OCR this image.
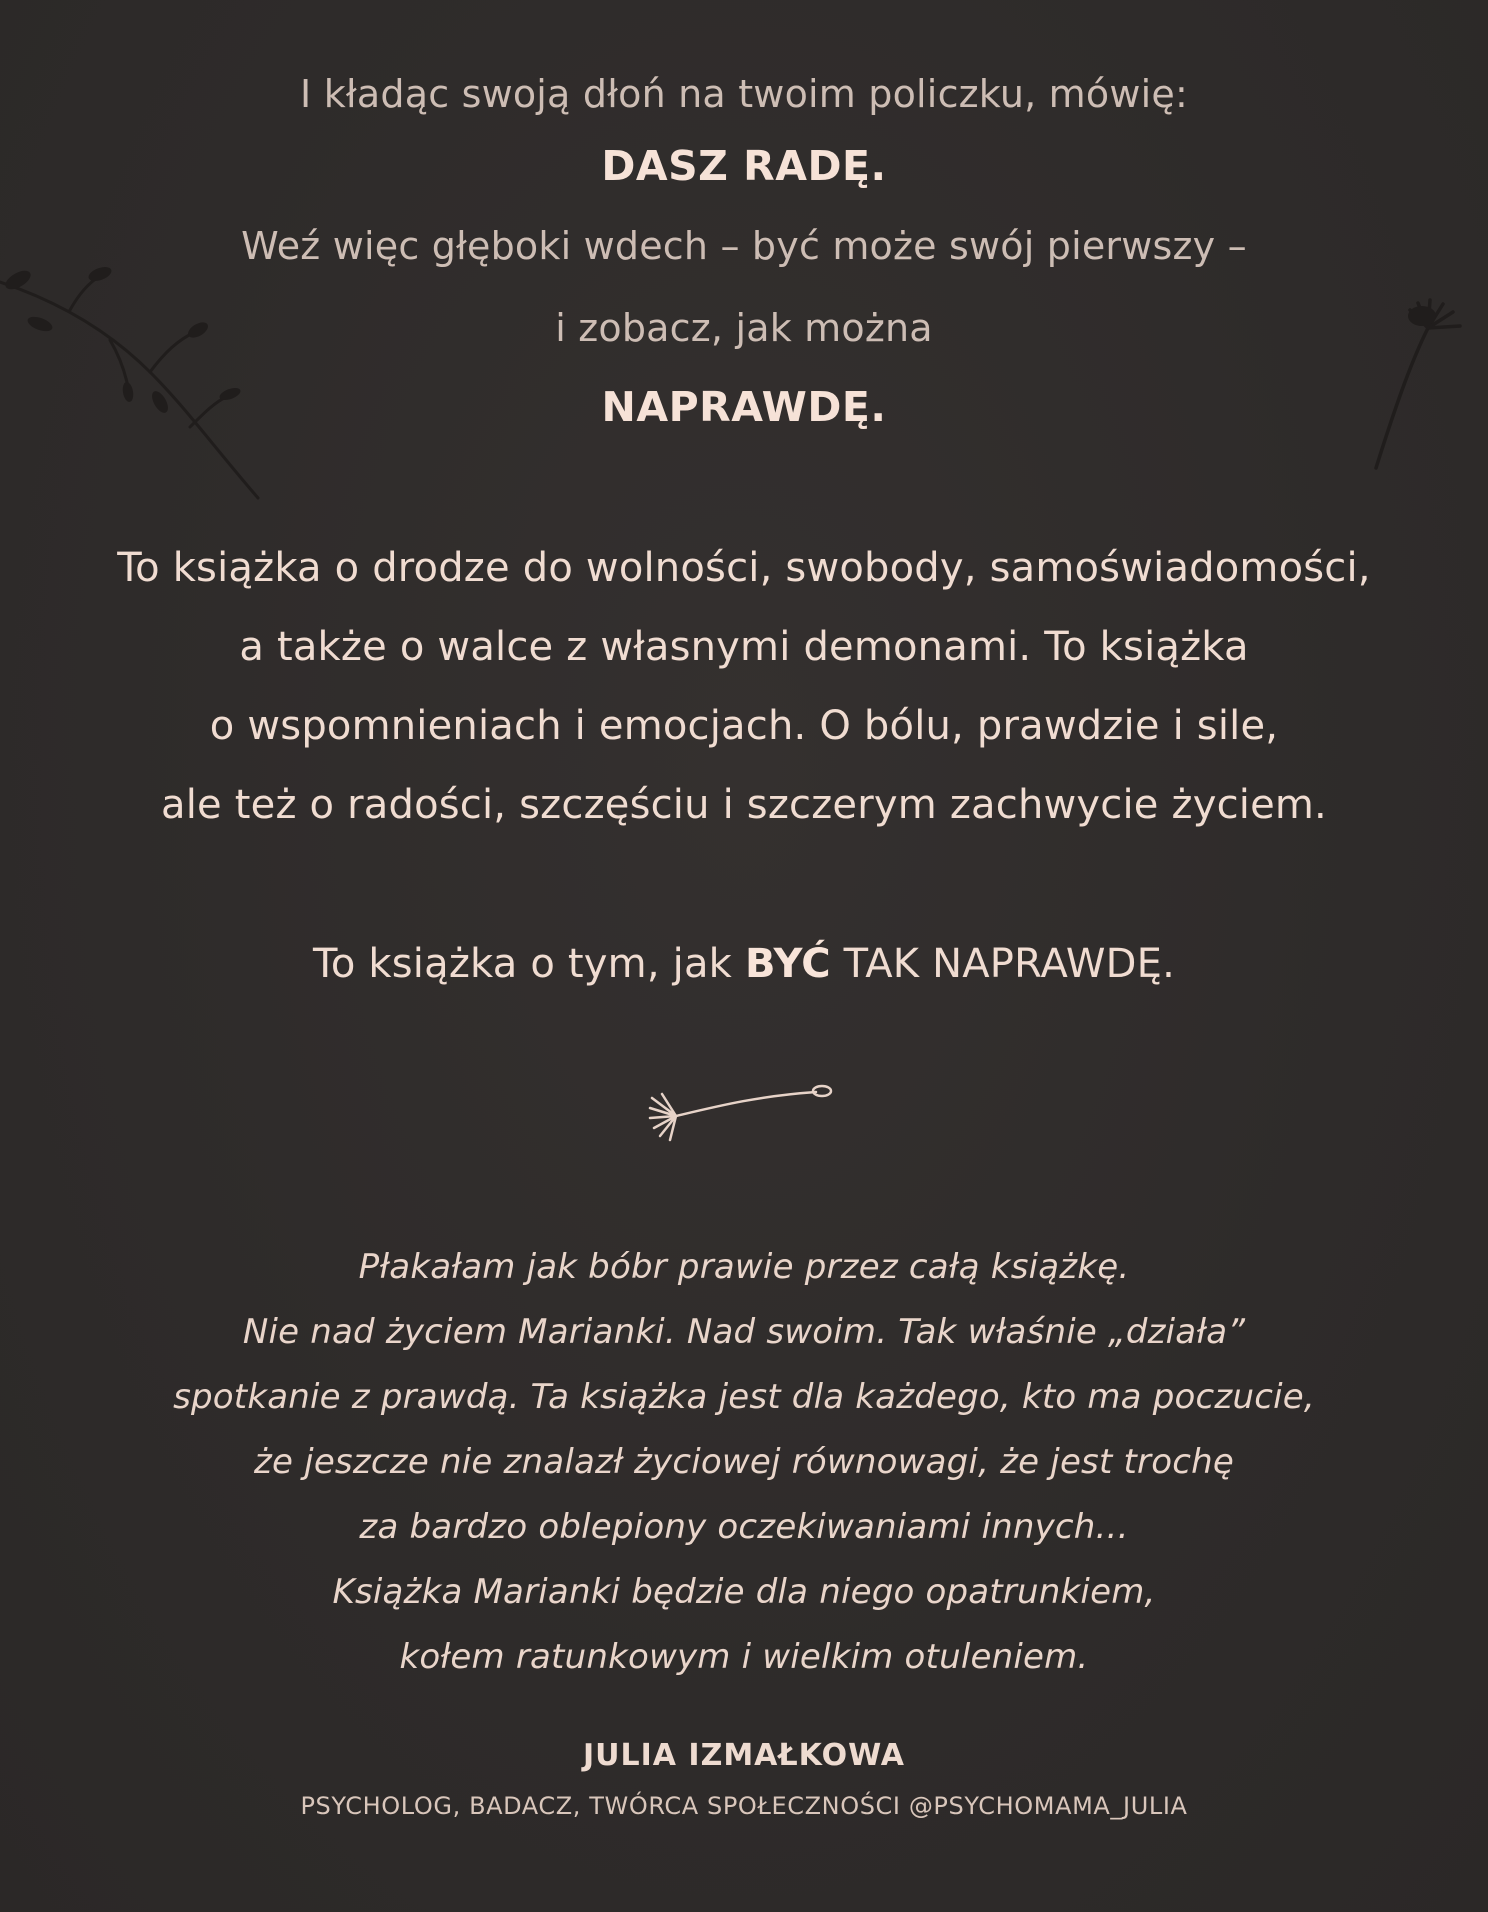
I kładąc swoją dłoń na twoim policzku, mówię:
DASZ RADĘ.
Weź więc głęboki wdech – być może swój pierwszy –
i zobacz, jak można
NAPRAWDĘ.
To książka o drodze do wolności, swobody, samoświadomości,
a także o walce z własnymi demonami. To książka
o wspomnieniach i emocjach. O bólu, prawdzie i sile,
ale też o radości, szczęściu i szczerym zachwycie życiem.
To książka o tym, jak BYĆ TAK NAPRAWDĘ.
Płakałam jak bóbr prawie przez całą książkę.
Nie nad życiem Marianki. Nad swoim. Tak właśnie „działa”
spotkanie z prawdą. Ta książka jest dla każdego, kto ma poczucie,
że jeszcze nie znalazł życiowej równowagi, że jest trochę
za bardzo oblepiony oczekiwaniami innych...
Książka Marianki będzie dla niego opatrunkiem,
kołem ratunkowym i wielkim otuleniem.
JULIA IZMAŁKOWA
PSYCHOLOG, BADACZ, TWÓRCA SPOŁECZNOŚCI @PSYCHOMAMA_JULIA
